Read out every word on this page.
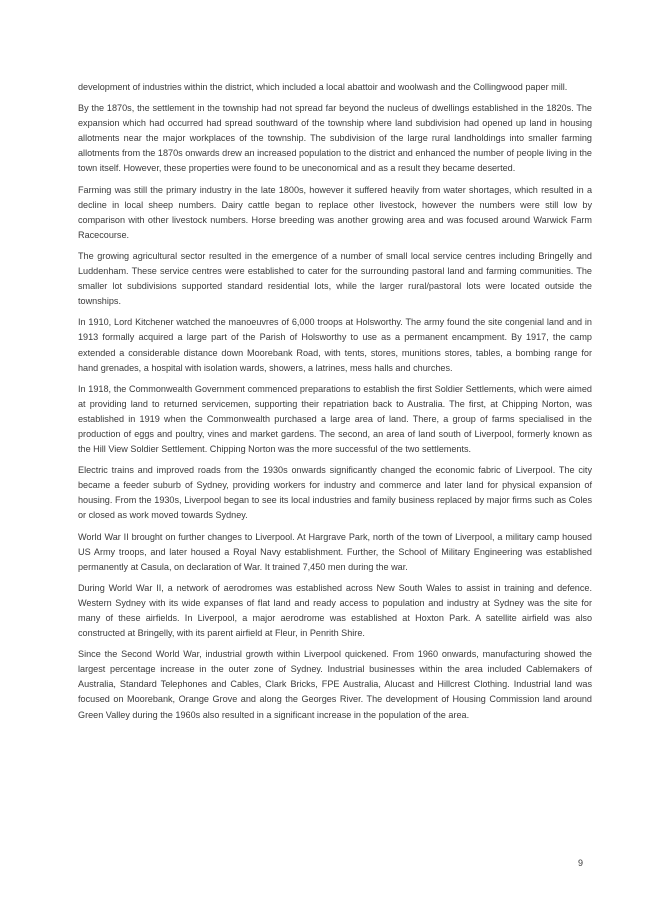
development of industries within the district, which included a local abattoir and woolwash and the Collingwood paper mill.

By the 1870s, the settlement in the township had not spread far beyond the nucleus of dwellings established in the 1820s. The expansion which had occurred had spread southward of the township where land subdivision had opened up land in housing allotments near the major workplaces of the township. The subdivision of the large rural landholdings into smaller farming allotments from the 1870s onwards drew an increased population to the district and enhanced the number of people living in the town itself. However, these properties were found to be uneconomical and as a result they became deserted.

Farming was still the primary industry in the late 1800s, however it suffered heavily from water shortages, which resulted in a decline in local sheep numbers. Dairy cattle began to replace other livestock, however the numbers were still low by comparison with other livestock numbers. Horse breeding was another growing area and was focused around Warwick Farm Racecourse.

The growing agricultural sector resulted in the emergence of a number of small local service centres including Bringelly and Luddenham. These service centres were established to cater for the surrounding pastoral land and farming communities. The smaller lot subdivisions supported standard residential lots, while the larger rural/pastoral lots were located outside the townships.

In 1910, Lord Kitchener watched the manoeuvres of 6,000 troops at Holsworthy. The army found the site congenial land and in 1913 formally acquired a large part of the Parish of Holsworthy to use as a permanent encampment. By 1917, the camp extended a considerable distance down Moorebank Road, with tents, stores, munitions stores, tables, a bombing range for hand grenades, a hospital with isolation wards, showers, a latrines, mess halls and churches.

In 1918, the Commonwealth Government commenced preparations to establish the first Soldier Settlements, which were aimed at providing land to returned servicemen, supporting their repatriation back to Australia. The first, at Chipping Norton, was established in 1919 when the Commonwealth purchased a large area of land. There, a group of farms specialised in the production of eggs and poultry, vines and market gardens. The second, an area of land south of Liverpool, formerly known as the Hill View Soldier Settlement. Chipping Norton was the more successful of the two settlements.

Electric trains and improved roads from the 1930s onwards significantly changed the economic fabric of Liverpool. The city became a feeder suburb of Sydney, providing workers for industry and commerce and later land for physical expansion of housing. From the 1930s, Liverpool began to see its local industries and family business replaced by major firms such as Coles or closed as work moved towards Sydney.

World War II brought on further changes to Liverpool. At Hargrave Park, north of the town of Liverpool, a military camp housed US Army troops, and later housed a Royal Navy establishment. Further, the School of Military Engineering was established permanently at Casula, on declaration of War. It trained 7,450 men during the war.

During World War II, a network of aerodromes was established across New South Wales to assist in training and defence. Western Sydney with its wide expanses of flat land and ready access to population and industry at Sydney was the site for many of these airfields. In Liverpool, a major aerodrome was established at Hoxton Park. A satellite airfield was also constructed at Bringelly, with its parent airfield at Fleur, in Penrith Shire.

Since the Second World War, industrial growth within Liverpool quickened. From 1960 onwards, manufacturing showed the largest percentage increase in the outer zone of Sydney. Industrial businesses within the area included Cablemakers of Australia, Standard Telephones and Cables, Clark Bricks, FPE Australia, Alucast and Hillcrest Clothing. Industrial land was focused on Moorebank, Orange Grove and along the Georges River. The development of Housing Commission land around Green Valley during the 1960s also resulted in a significant increase in the population of the area.

9
